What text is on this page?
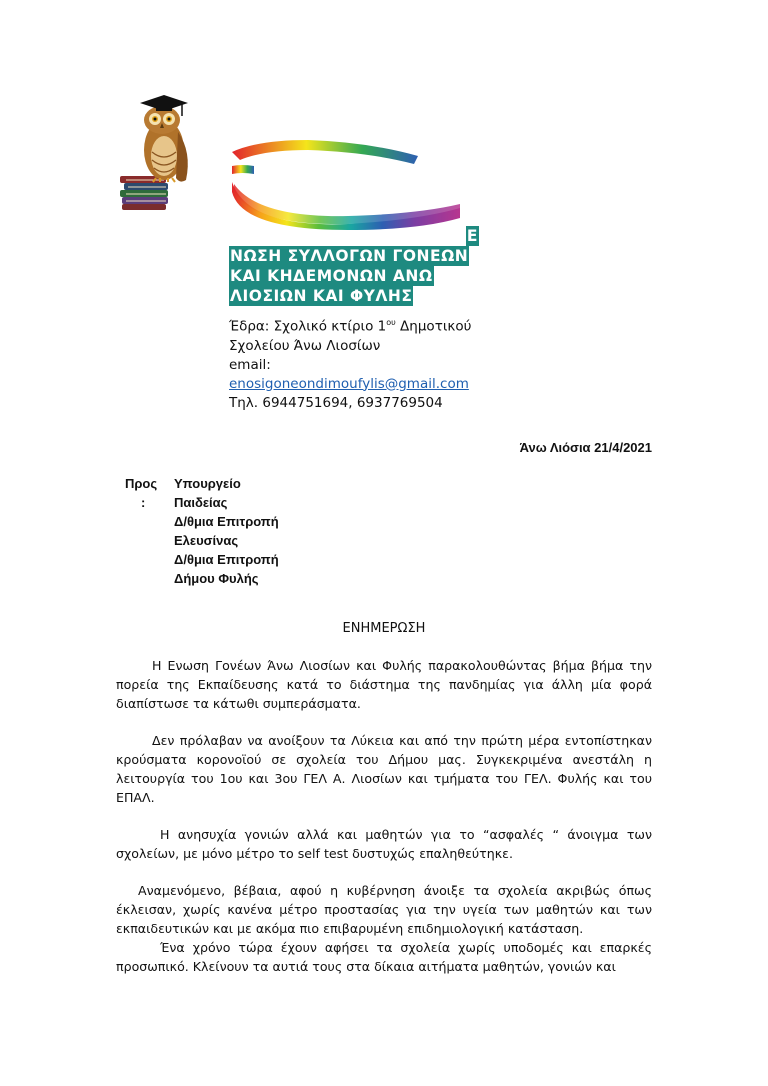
Ε
ΝΩΣΗ ΣΥΛΛΟΓΩΝ ΓΟΝΕΩΝ
ΚΑΙ ΚΗΔΕΜΟΝΩΝ ΑΝΩ
ΛΙΟΣΙΩΝ ΚΑΙ ΦΥΛΗΣ
Έδρα: Σχολικό κτίριο $1^{o\upsilon}$ Δημοτικού
Σχολείου Άνω Λιοσίων
email:
enosigoneondimoufylis@gmail.com
Τηλ. 6944751694, 6937769504
Άνω Λιόσια 21/4/2021
Προς
:
Υπουργείο
Παιδείας
Δ/θμια Επιτροπή
Ελευσίνας
Δ/θμια Επιτροπή
Δήμου Φυλής
ΕΝΗΜΕΡΩΣΗ
Η Ενωση Γονέων Άνω Λιοσίων και Φυλής παρακολουθώντας βήμα βήμα την πορεία της Εκπαίδευσης κατά το διάστημα της πανδημίας για άλλη μία φορά διαπίστωσε τα κάτωθι συμπεράσματα.
Δεν πρόλαβαν να ανοίξουν τα Λύκεια και από την πρώτη μέρα εντοπίστηκαν κρούσματα κορονοϊού σε σχολεία του Δήμου μας. Συγκεκριμένα ανεστάλη η λειτουργία του 1ου και 3ου ΓΕΛ Α. Λιοσίων και τμήματα του ΓΕΛ. Φυλής και του ΕΠΑΛ.
Η ανησυχία γονιών αλλά και μαθητών για το “ασφαλές “ άνοιγμα των σχολείων, με μόνο μέτρο το self test δυστυχώς επαληθεύτηκε.
Αναμενόμενο, βέβαια, αφού η κυβέρνηση άνοιξε τα σχολεία ακριβώς όπως έκλεισαν, χωρίς κανένα μέτρο προστασίας για την υγεία των μαθητών και των εκπαιδευτικών και με ακόμα πιο επιβαρυμένη επιδημιολογική κατάσταση.
Ένα χρόνο τώρα έχουν αφήσει τα σχολεία χωρίς υποδομές και επαρκές προσωπικό. Κλείνουν τα αυτιά τους στα δίκαια αιτήματα μαθητών, γονιών και
